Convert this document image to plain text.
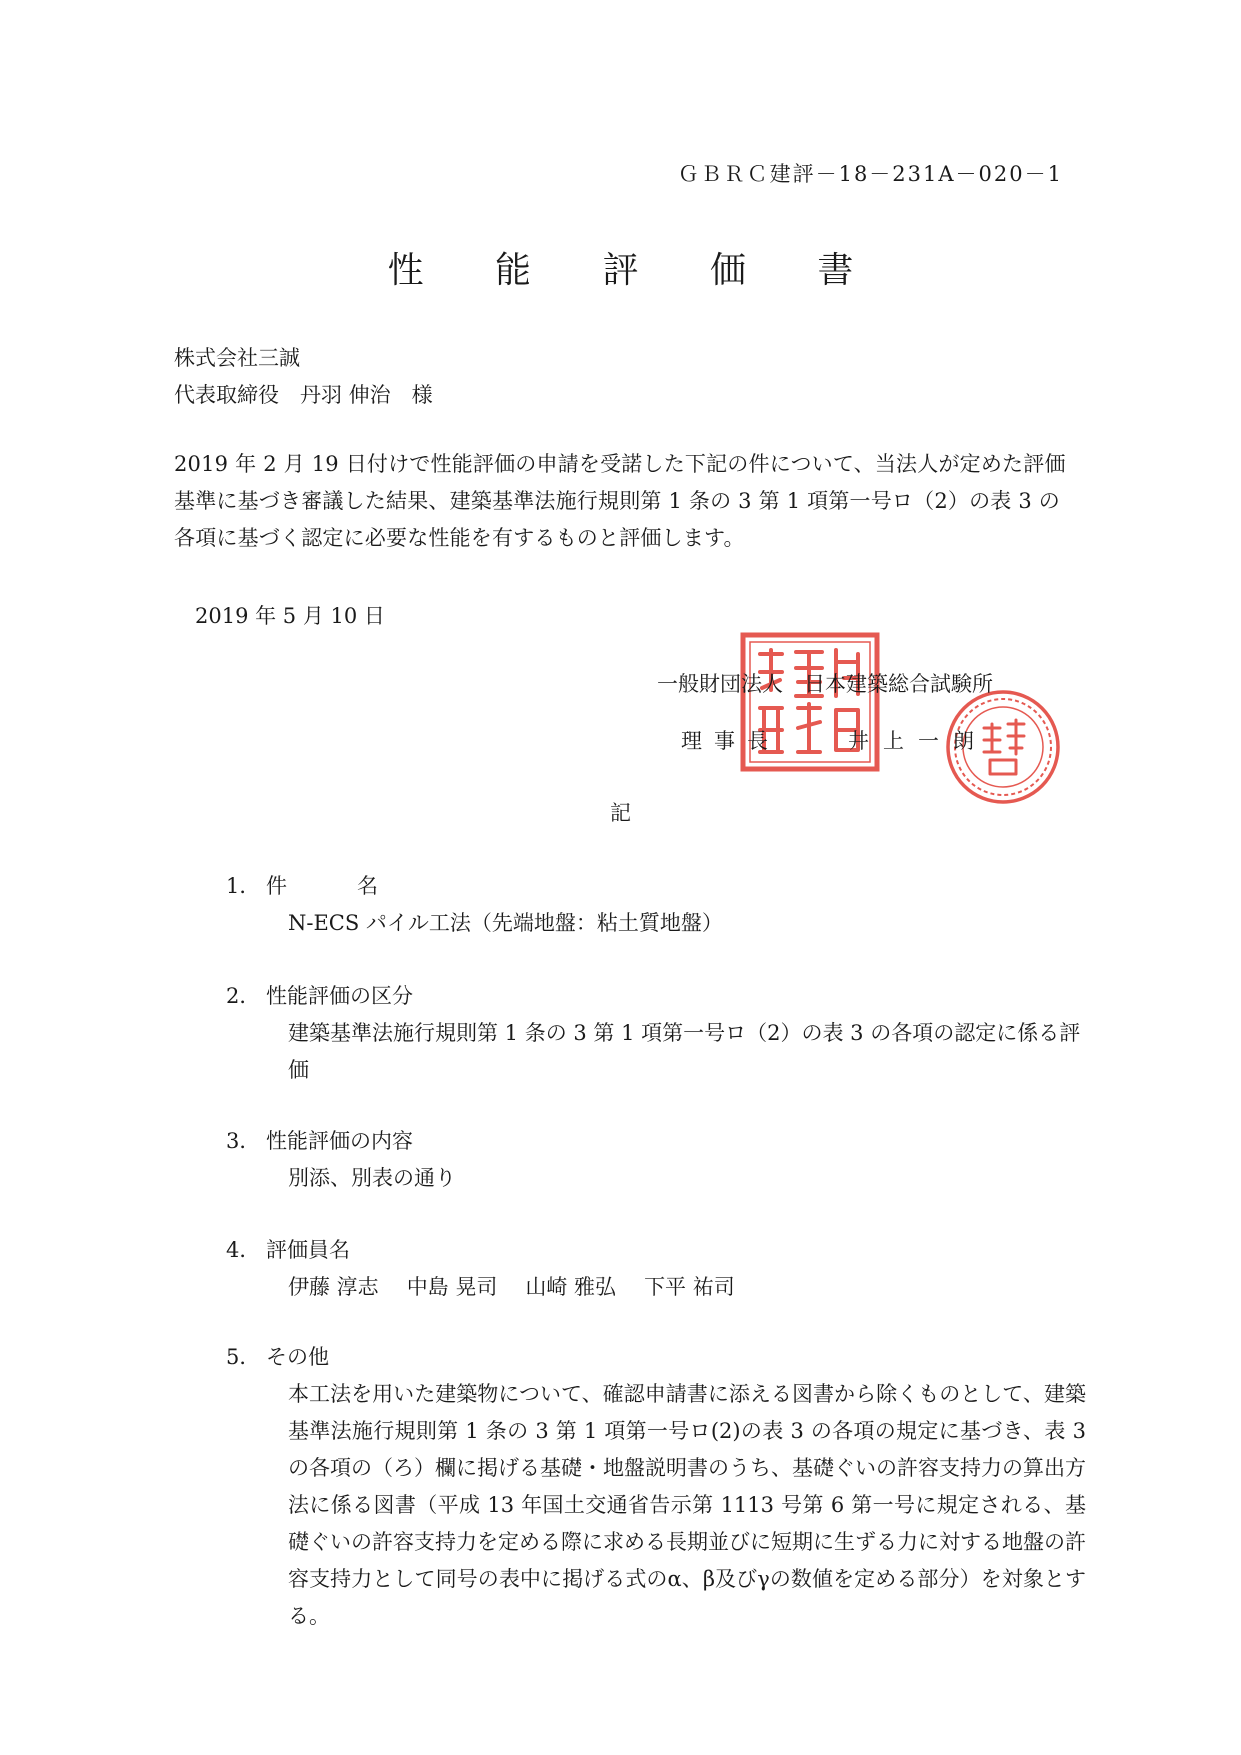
ＧＢＲＣ建評－18－231A－020－1
性 能 評 価 書
株式会社三誠
代表取締役　丹羽 伸治　様
2019 年 2 月 19 日付けで性能評価の申請を受諾した下記の件について、当法人が定めた評価基準に基づき審議した結果、建築基準法施行規則第 1 条の 3 第 1 項第一号ロ（2）の表 3 の各項に基づく認定に必要な性能を有するものと評価します。
2019 年 5 月 10 日
一般財団法人　日本建築総合試験所
理事長	井上一朗
記
1． 件名
N-ECS パイル工法（先端地盤：粘土質地盤）
2． 性能評価の区分
建築基準法施行規則第 1 条の 3 第 1 項第一号ロ（2）の表 3 の各項の認定に係る評価
3． 性能評価の内容
別添、別表の通り
4． 評価員名
伊藤 淳志 中島 晃司 山崎 雅弘 下平 祐司
5． その他
本工法を用いた建築物について、確認申請書に添える図書から除くものとして、建築基準法施行規則第 1 条の 3 第 1 項第一号ロ(2)の表 3 の各項の規定に基づき、表 3 の各項の（ろ）欄に掲げる基礎・地盤説明書のうち、基礎ぐいの許容支持力の算出方法に係る図書（平成 13 年国土交通省告示第 1113 号第 6 第一号に規定される、基礎ぐいの許容支持力を定める際に求める長期並びに短期に生ずる力に対する地盤の許容支持力として同号の表中に掲げる式のα、β及びγの数値を定める部分）を対象とする。
